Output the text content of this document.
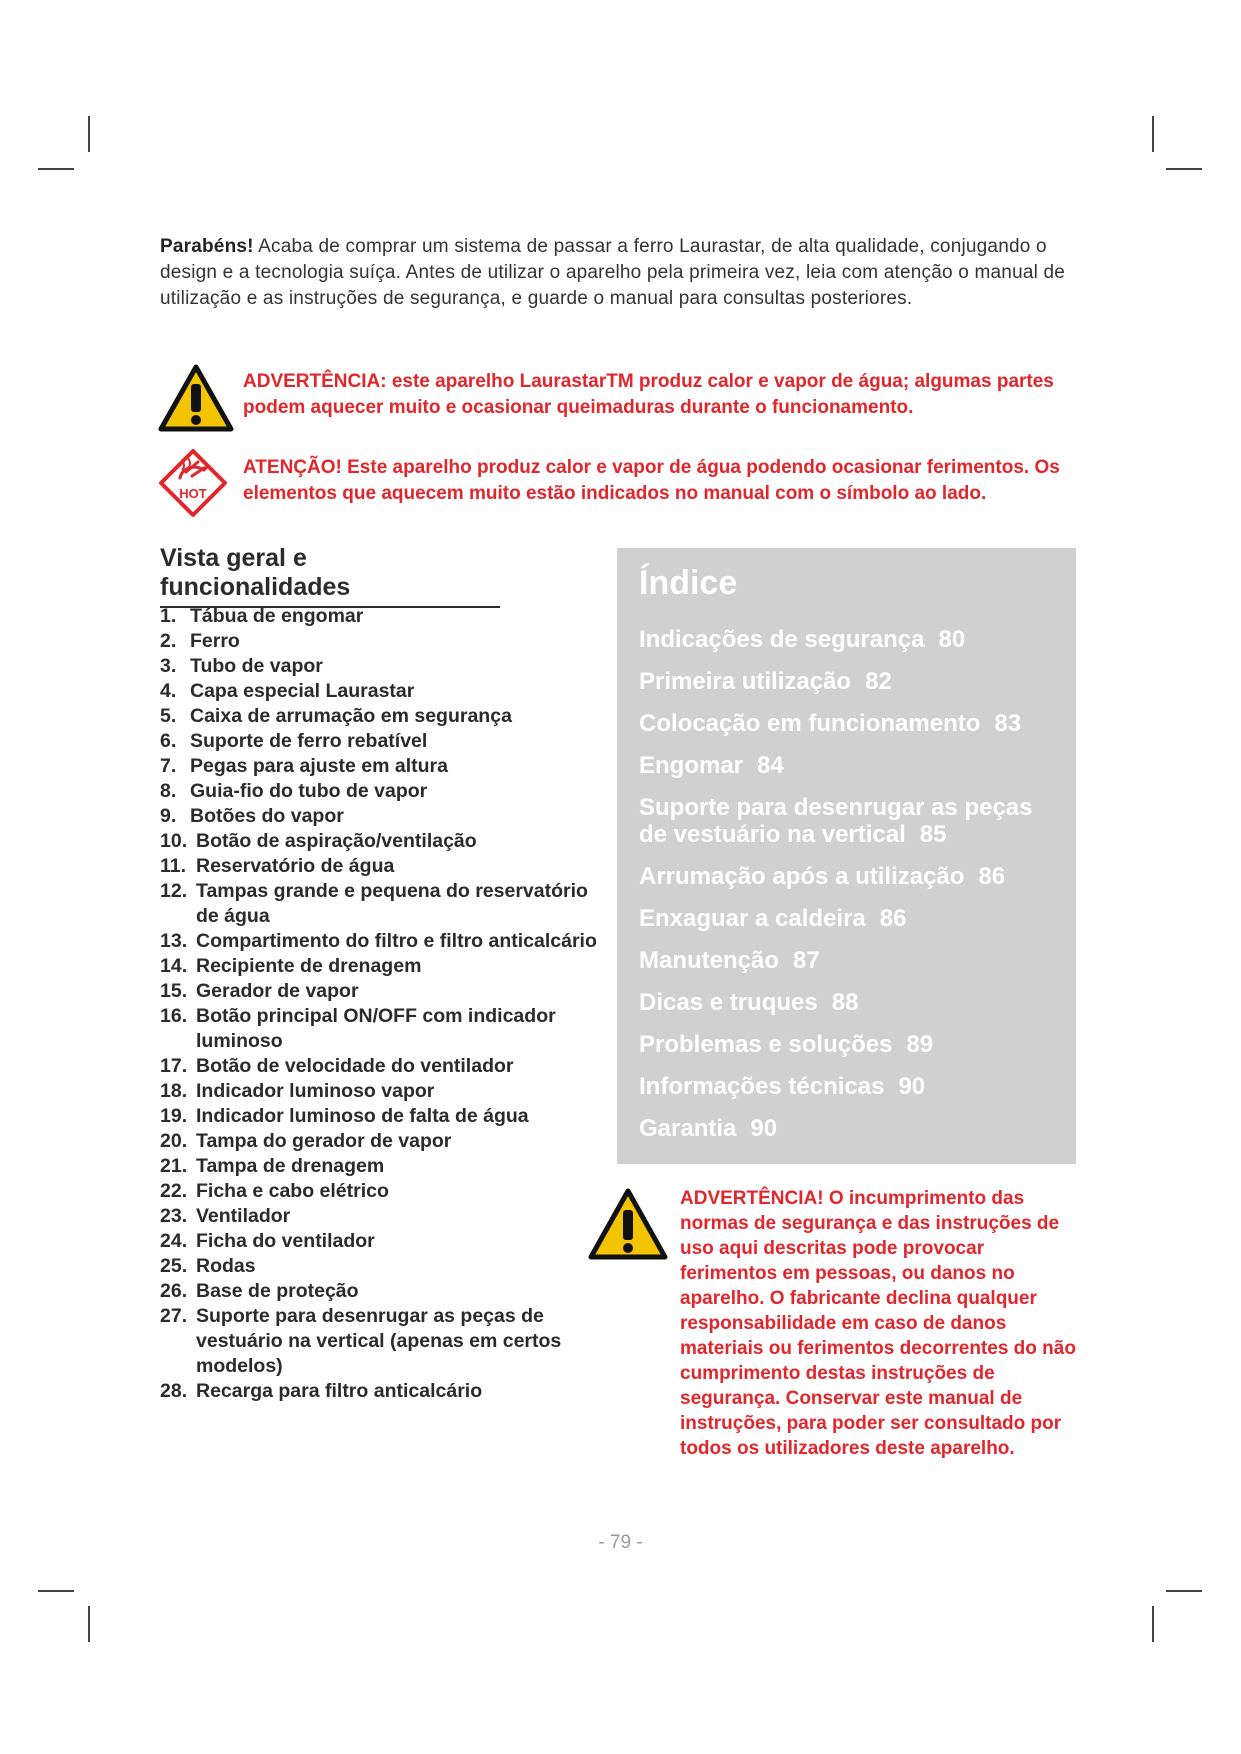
Parabéns! Acaba de comprar um sistema de passar a ferro Laurastar, de alta qualidade, conjugando o design e a tecnologia suíça. Antes de utilizar o aparelho pela primeira vez, leia com atenção o manual de utilização e as instruções de segurança, e guarde o manual para consultas posteriores.

ADVERTÊNCIA: este aparelho LaurastarTM produz calor e vapor de água; algumas partes podem aquecer muito e ocasionar queimaduras durante o funcionamento.
HOT
ATENÇÃO! Este aparelho produz calor e vapor de água podendo ocasionar ferimentos. Os elementos que aquecem muito estão indicados no manual com o símbolo ao lado.
Vista geral e funcionalidades
1. Tábua de engomar
2. Ferro
3. Tubo de vapor
4. Capa especial Laurastar
5. Caixa de arrumação em segurança
6. Suporte de ferro rebatível
7. Pegas para ajuste em altura
8. Guia-fio do tubo de vapor
9. Botões do vapor
10. Botão de aspiração/ventilação
11. Reservatório de água
12. Tampas grande e pequena do reservatório de água
13. Compartimento do filtro e filtro anticalcário
14. Recipiente de drenagem
15. Gerador de vapor
16. Botão principal ON/OFF com indicador luminoso
17. Botão de velocidade do ventilador
18. Indicador luminoso vapor
19. Indicador luminoso de falta de água
20. Tampa do gerador de vapor
21. Tampa de drenagem
22. Ficha e cabo elétrico
23. Ventilador
24. Ficha do ventilador
25. Rodas
26. Base de proteção
27. Suporte para desenrugar as peças de vestuário na vertical (apenas em certos modelos)
28. Recarga para filtro anticalcário
Índice
Indicações de segurança 80
Primeira utilização 82
Colocação em funcionamento 83
Engomar 84
Suporte para desenrugar as peças de vestuário na vertical 85
Arrumação após a utilização 86
Enxaguar a caldeira 86
Manutenção 87
Dicas e truques 88
Problemas e soluções 89
Informações técnicas 90
Garantia 90
ADVERTÊNCIA! O incumprimento das normas de segurança e das instruções de uso aqui descritas pode provocar ferimentos em pessoas, ou danos no aparelho. O fabricante declina qualquer responsabilidade em caso de danos materiais ou ferimentos decorrentes do não cumprimento destas instruções de segurança. Conservar este manual de instruções, para poder ser consultado por todos os utilizadores deste aparelho.
- 79 -
